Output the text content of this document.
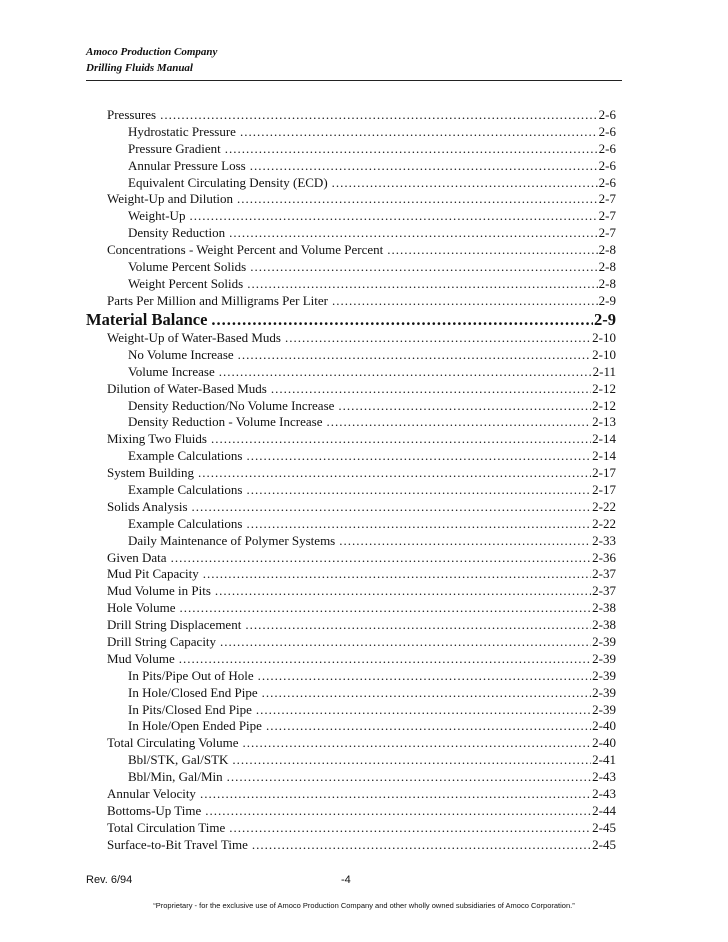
Amoco Production Company
Drilling Fluids Manual
Pressures .....	2-6
Hydrostatic Pressure .....	2-6
Pressure Gradient .....	2-6
Annular Pressure Loss .....	2-6
Equivalent Circulating Density (ECD) .....	2-6
Weight-Up and Dilution .....	2-7
Weight-Up .....	2-7
Density Reduction .....	2-7
Concentrations - Weight Percent and Volume Percent .....	2-8
Volume Percent Solids .....	2-8
Weight Percent Solids .....	2-8
Parts Per Million and Milligrams Per Liter .....	2-9
Material Balance .....	2-9
Weight-Up of Water-Based Muds .....	2-10
No Volume Increase .....	2-10
Volume Increase .....	2-11
Dilution of Water-Based Muds .....	2-12
Density Reduction/No Volume Increase .....	2-12
Density Reduction - Volume Increase .....	2-13
Mixing Two Fluids .....	2-14
Example Calculations .....	2-14
System Building .....	2-17
Example Calculations .....	2-17
Solids Analysis .....	2-22
Example Calculations .....	2-22
Daily Maintenance of Polymer Systems .....	2-33
Given Data .....	2-36
Mud Pit Capacity .....	2-37
Mud Volume in Pits .....	2-37
Hole Volume .....	2-38
Drill String Displacement .....	2-38
Drill String Capacity .....	2-39
Mud Volume .....	2-39
In Pits/Pipe Out of Hole .....	2-39
In Hole/Closed End Pipe .....	2-39
In Pits/Closed End Pipe .....	2-39
In Hole/Open Ended Pipe .....	2-40
Total Circulating Volume .....	2-40
Bbl/STK, Gal/STK .....	2-41
Bbl/Min, Gal/Min .....	2-43
Annular Velocity .....	2-43
Bottoms-Up Time .....	2-44
Total Circulation Time .....	2-45
Surface-to-Bit Travel Time .....	2-45
Rev. 6/94	-4
“Proprietary - for the exclusive use of Amoco Production Company and other wholly owned subsidiaries of Amoco Corporation.”
